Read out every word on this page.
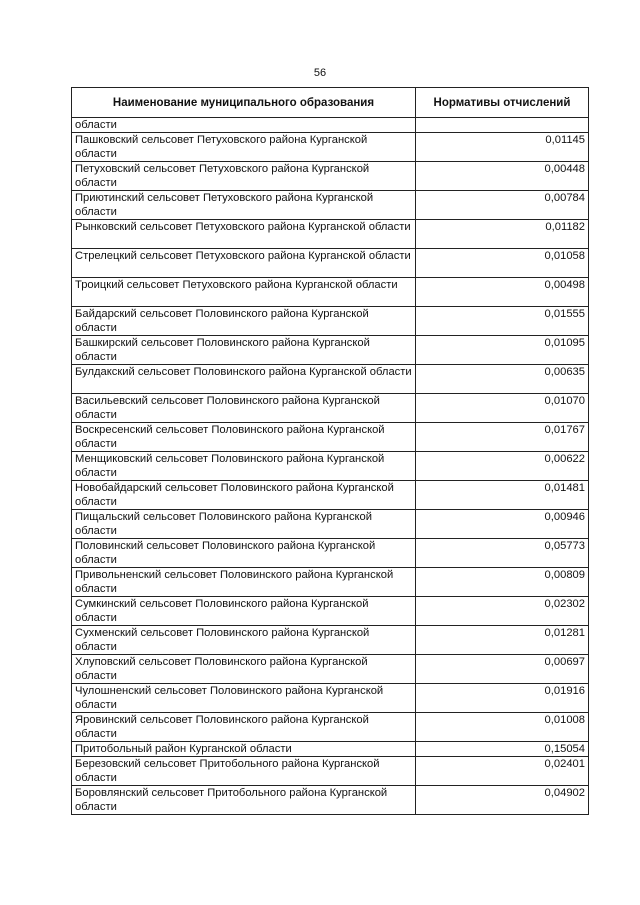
56
Наименование муниципального образования	Нормативы отчислений
области	
Пашковский сельсовет Петуховского района Курганской области	0,01145
Петуховский сельсовет Петуховского района Курганской области	0,00448
Приютинский сельсовет Петуховского района Курганской области	0,00784
Рынковский сельсовет Петуховского района Курганской области	0,01182
Стрелецкий сельсовет Петуховского района Курганской области	0,01058
Троицкий сельсовет Петуховского района Курганской области	0,00498
Байдарский сельсовет Половинского района Курганской области	0,01555
Башкирский сельсовет Половинского района Курганской области	0,01095
Булдакский сельсовет Половинского района Курганской области	0,00635
Васильевский сельсовет Половинского района Курганской области	0,01070
Воскресенский сельсовет Половинского района Курганской области	0,01767
Менщиковский сельсовет Половинского района Курганской области	0,00622
Новобайдарский сельсовет Половинского района Курганской области	0,01481
Пищальский сельсовет Половинского района Курганской области	0,00946
Половинский сельсовет Половинского района Курганской области	0,05773
Привольненский сельсовет Половинского района Курганской области	0,00809
Сумкинский сельсовет Половинского района Курганской области	0,02302
Сухменский сельсовет Половинского района Курганской области	0,01281
Хлуповский сельсовет Половинского района Курганской области	0,00697
Чулошненский сельсовет Половинского района Курганской области	0,01916
Яровинский сельсовет Половинского района Курганской области	0,01008
Притобольный район Курганской области	0,15054
Березовский сельсовет Притобольного района Курганской области	0,02401
Боровлянский сельсовет Притобольного района Курганской области	0,04902
